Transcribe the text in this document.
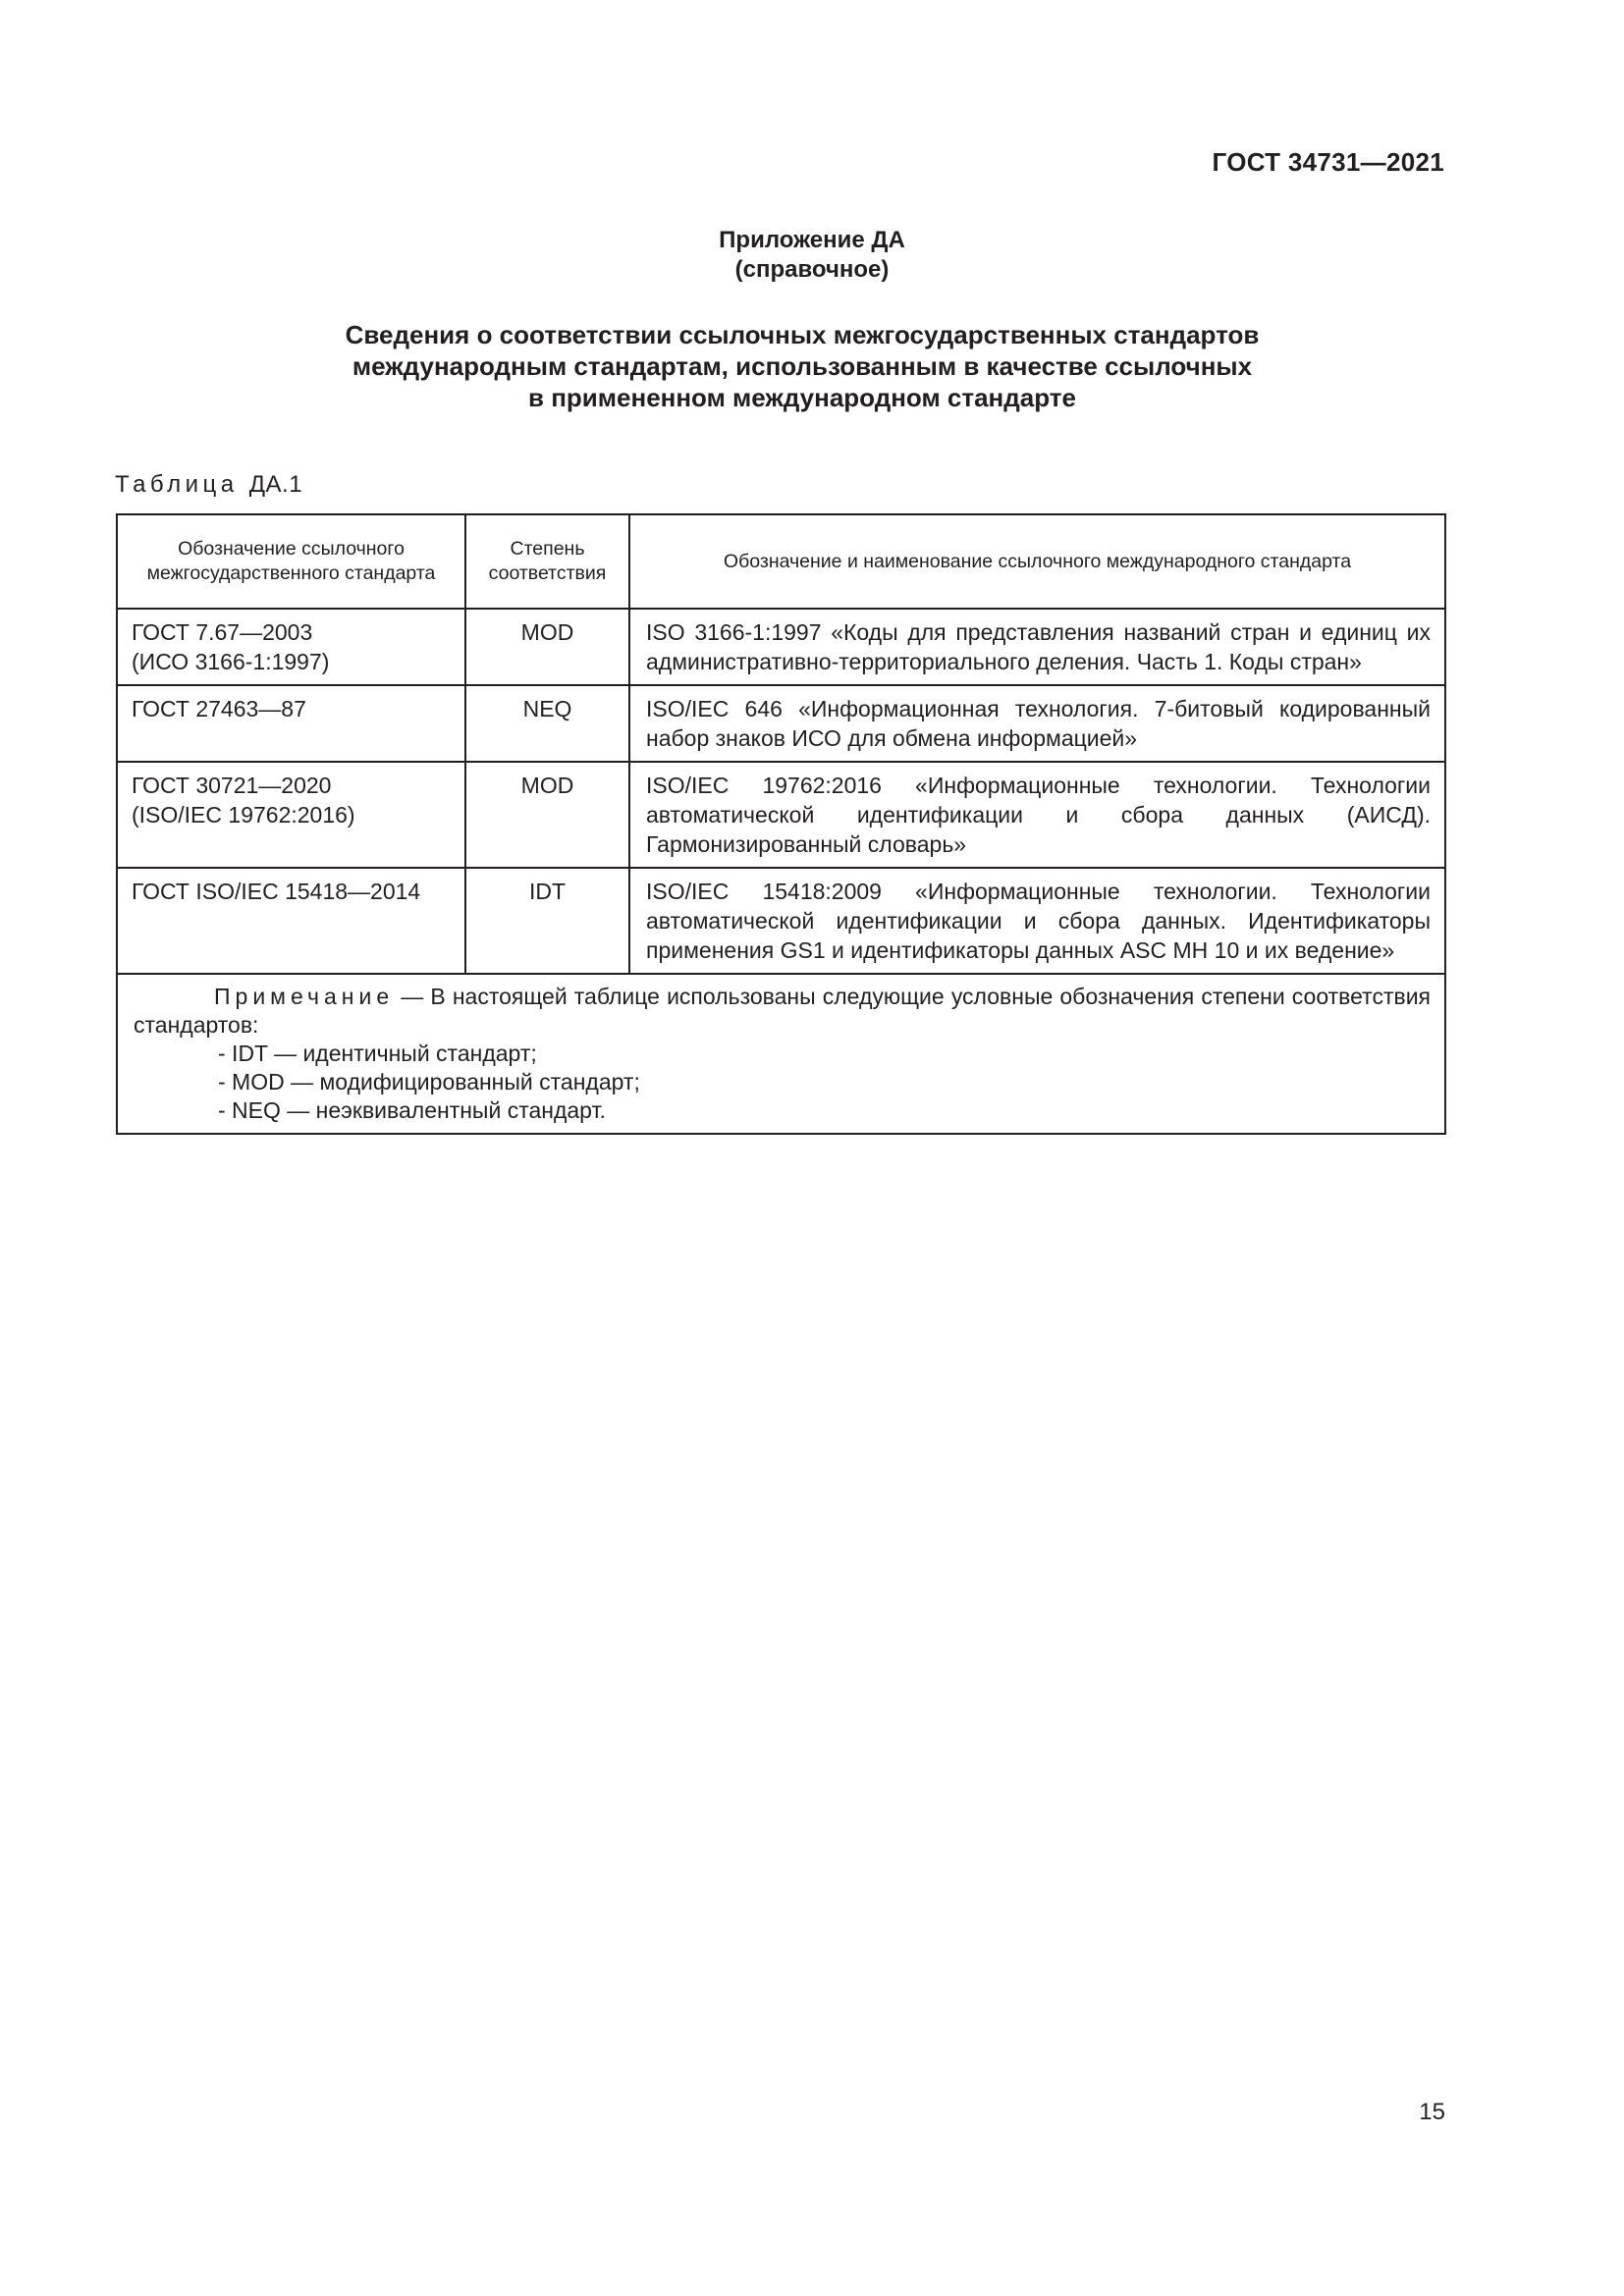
ГОСТ 34731—2021
Приложение ДА
(справочное)
Сведения о соответствии ссылочных межгосударственных стандартов
международным стандартам, использованным в качестве ссылочных
в примененном международном стандарте
Таблица ДА.1
Обозначение ссылочного межгосударственного стандарта	Степень соответствия	Обозначение и наименование ссылочного международного стандарта
ГОСТ 7.67—2003
(ИСО 3166-1:1997)	MOD	ISO 3166-1:1997 «Коды для представления названий стран и единиц их административно-территориального деления. Часть 1. Коды стран»
ГОСТ 27463—87	NEQ	ISO/IEC 646 «Информационная технология. 7-битовый кодированный набор знаков ИСО для обмена информацией»
ГОСТ 30721—2020
(ISO/IEC 19762:2016)	MOD	ISO/IEC 19762:2016 «Информационные технологии. Технологии автоматической идентификации и сбора данных (АИСД). Гармонизированный словарь»
ГОСТ ISO/IEC 15418—2014	IDT	ISO/IEC 15418:2009 «Информационные технологии. Технологии автоматической идентификации и сбора данных. Идентификаторы применения GS1 и идентификаторы данных ASC MH 10 и их ведение»

Примечание — В настоящей таблице использованы следующие условные обозначения степени соответствия стандартов:
- IDT — идентичный стандарт;
- MOD — модифицированный стандарт;
- NEQ — неэквивалентный стандарт.		
15
